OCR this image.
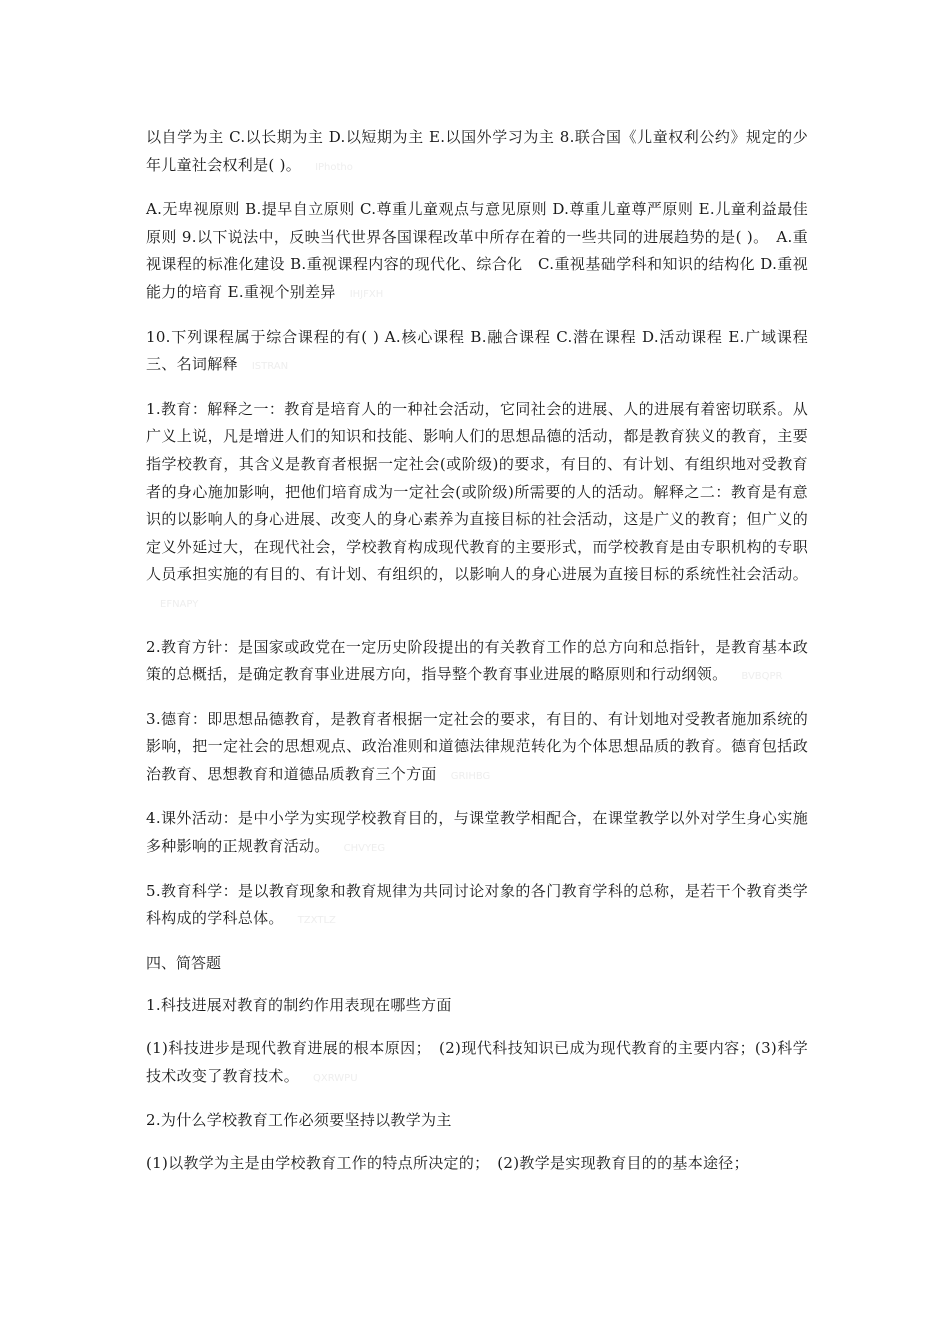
以自学为主 C.以长期为主 D.以短期为主 E.以国外学习为主 8.联合国《儿童权利公约》规定的少年儿童社会权利是( )。 IPhotho

A.无卑视原则 B.提早自立原则 C.尊重儿童观点与意见原则 D.尊重儿童尊严原则 E.儿童利益最佳原则 9.以下说法中，反映当代世界各国课程改革中所存在着的一些共同的进展趋势的是( )。　A.重视课程的标准化建设 B.重视课程内容的现代化、综合化　C.重视基础学科和知识的结构化 D.重视能力的培育 E.重视个别差异 IHJFXH

10.下列课程属于综合课程的有( ) A.核心课程 B.融合课程 C.潜在课程 D.活动课程 E.广域课程 三、名词解释 ISTRAN

1.教育：解释之一：教育是培育人的一种社会活动，它同社会的进展、人的进展有着密切联系。从广义上说，凡是增进人们的知识和技能、影响人们的思想品德的活动，都是教育狭义的教育，主要指学校教育，其含义是教育者根据一定社会(或阶级)的要求，有目的、有计划、有组织地对受教育者的身心施加影响，把他们培育成为一定社会(或阶级)所需要的人的活动。解释之二：教育是有意识的以影响人的身心进展、改变人的身心素养为直接目标的社会活动，这是广义的教育；但广义的定义外延过大，在现代社会，学校教育构成现代教育的主要形式，而学校教育是由专职机构的专职人员承担实施的有目的、有计划、有组织的，以影响人的身心进展为直接目标的系统性社会活动。EFNAPY

2.教育方针：是国家或政党在一定历史阶段提出的有关教育工作的总方向和总指针，是教育基本政策的总概括，是确定教育事业进展方向，指导整个教育事业进展的略原则和行动纲领。 BVBQPR

3.德育：即思想品德教育，是教育者根据一定社会的要求，有目的、有计划地对受教者施加系统的影响，把一定社会的思想观点、政治准则和道德法律规范转化为个体思想品质的教育。德育包括政治教育、思想教育和道德品质教育三个方面 GRIHBG

4.课外活动：是中小学为实现学校教育目的，与课堂教学相配合，在课堂教学以外对学生身心实施多种影响的正规教育活动。 CHVYEG

5.教育科学：是以教育现象和教育规律为共同讨论对象的各门教育学科的总称，是若干个教育类学科构成的学科总体。 TZXTLZ

四、简答题

1.科技进展对教育的制约作用表现在哪些方面

(1)科技进步是现代教育进展的根本原因；　(2)现代科技知识已成为现代教育的主要内容；(3)科学技术改变了教育技术。 QXRWPU

2.为什么学校教育工作必须要坚持以教学为主

(1)以教学为主是由学校教育工作的特点所决定的；　(2)教学是实现教育目的的基本途径；
